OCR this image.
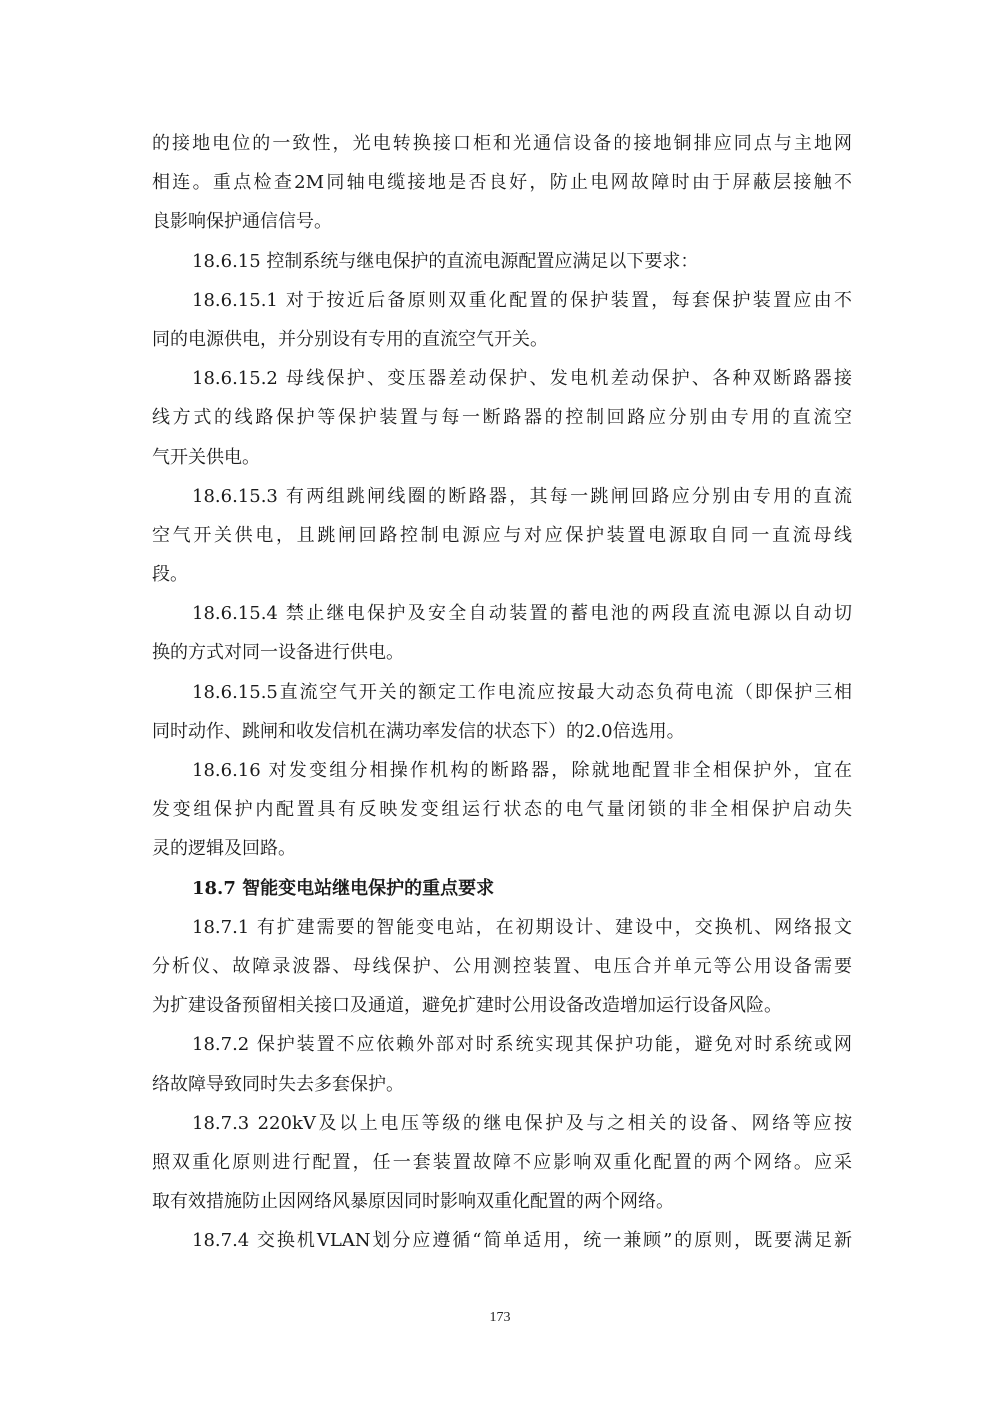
的接地电位的一致性，光电转换接口柜和光通信设备的接地铜排应同点与主地网
相连。重点检查2M同轴电缆接地是否良好，防止电网故障时由于屏蔽层接触不
良影响保护通信信号。
18.6.15 控制系统与继电保护的直流电源配置应满足以下要求：
18.6.15.1 对于按近后备原则双重化配置的保护装置，每套保护装置应由不
同的电源供电，并分别设有专用的直流空气开关。
18.6.15.2 母线保护、变压器差动保护、发电机差动保护、各种双断路器接
线方式的线路保护等保护装置与每一断路器的控制回路应分别由专用的直流空
气开关供电。
18.6.15.3 有两组跳闸线圈的断路器，其每一跳闸回路应分别由专用的直流
空气开关供电，且跳闸回路控制电源应与对应保护装置电源取自同一直流母线
段。
18.6.15.4 禁止继电保护及安全自动装置的蓄电池的两段直流电源以自动切
换的方式对同一设备进行供电。
18.6.15.5直流空气开关的额定工作电流应按最大动态负荷电流（即保护三相
同时动作、跳闸和收发信机在满功率发信的状态下）的2.0倍选用。
18.6.16 对发变组分相操作机构的断路器，除就地配置非全相保护外，宜在
发变组保护内配置具有反映发变组运行状态的电气量闭锁的非全相保护启动失
灵的逻辑及回路。
18.7 智能变电站继电保护的重点要求
18.7.1 有扩建需要的智能变电站，在初期设计、建设中，交换机、网络报文
分析仪、故障录波器、母线保护、公用测控装置、电压合并单元等公用设备需要
为扩建设备预留相关接口及通道，避免扩建时公用设备改造增加运行设备风险。
18.7.2 保护装置不应依赖外部对时系统实现其保护功能，避免对时系统或网
络故障导致同时失去多套保护。
18.7.3 220kV及以上电压等级的继电保护及与之相关的设备、网络等应按
照双重化原则进行配置，任一套装置故障不应影响双重化配置的两个网络。应采
取有效措施防止因网络风暴原因同时影响双重化配置的两个网络。
18.7.4 交换机VLAN划分应遵循“简单适用，统一兼顾”的原则，既要满足新
173
